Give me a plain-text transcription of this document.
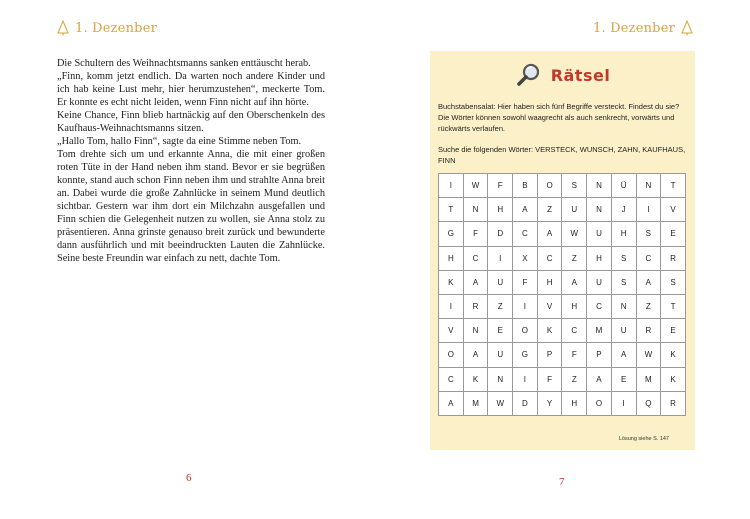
1. Dezenber

Die Schultern des Weihnachtsmanns sanken enttäuscht herab.

„Finn, komm jetzt endlich. Da warten noch andere Kinder und ich hab keine Lust mehr, hier herumzustehen“, meckerte Tom. Er konnte es echt nicht leiden, wenn Finn nicht auf ihn hörte.

Keine Chance, Finn blieb hartnäckig auf den Oberschenkeln des Kaufhaus-Weihnachtsmanns sitzen.

„Hallo Tom, hallo Finn“, sagte da eine Stimme neben Tom.

Tom drehte sich um und erkannte Anna, die mit einer großen roten Tüte in der Hand neben ihm stand. Bevor er sie begrüßen konnte, stand auch schon Finn neben ihm und strahlte Anna breit an. Dabei wurde die große Zahnlücke in seinem Mund deutlich sichtbar. Gestern war ihm dort ein Milchzahn ausgefallen und Finn schien die Gelegenheit nutzen zu wollen, sie Anna stolz zu präsentieren. Anna grinste genauso breit zurück und bewunderte dann ausführlich und mit beeindruckten Lauten die Zahnlücke. Seine beste Freundin war einfach zu nett, dachte Tom.

6
1. Dezenber
Rätsel

Buchstabensalat: Hier haben sich fünf Begriffe versteckt. Findest du sie? Die Wörter können sowohl waagrecht als auch senkrecht, vorwärts und rückwärts verlaufen.

Suche die folgenden Wörter: VERSTECK, WUNSCH, ZAHN, KAUFHAUS, FINN

I	W	F	B	O	S	N	Ü	N	T
T	N	H	A	Z	U	N	J	I	V
G	F	D	C	A	W	U	H	S	E
H	C	I	X	C	Z	H	S	C	R
K	A	U	F	H	A	U	S	A	S
I	R	Z	I	V	H	C	N	Z	T
V	N	E	O	K	C	M	U	R	E
O	A	U	G	P	F	P	A	W	K
C	K	N	I	F	Z	A	E	M	K
A	M	W	D	Y	H	O	I	Q	R
Lösung siehe S. 147
7
